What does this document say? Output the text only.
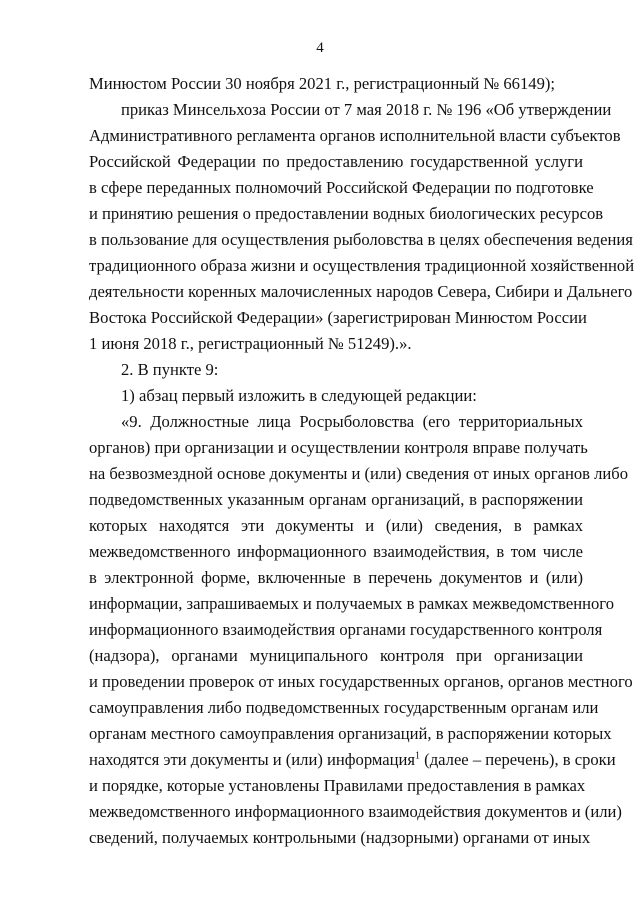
4
Минюстом России 30 ноября 2021 г., регистрационный № 66149);
приказ Минсельхоза России от 7 мая 2018 г. № 196 «Об утверждении
Административного регламента органов исполнительной власти субъектов
Российской Федерации по предоставлению государственной услуги
в сфере переданных полномочий Российской Федерации по подготовке
и принятию решения о предоставлении водных биологических ресурсов
в пользование для осуществления рыболовства в целях обеспечения ведения
традиционного образа жизни и осуществления традиционной хозяйственной
деятельности коренных малочисленных народов Севера, Сибири и Дальнего
Востока Российской Федерации» (зарегистрирован Минюстом России
1 июня 2018 г., регистрационный № 51249).».
2. В пункте 9:
1) абзац первый изложить в следующей редакции:
«9. Должностные лица Росрыболовства (его территориальных
органов) при организации и осуществлении контроля вправе получать
на безвозмездной основе документы и (или) сведения от иных органов либо
подведомственных указанным органам организаций, в распоряжении
которых находятся эти документы и (или) сведения, в рамках
межведомственного информационного взаимодействия, в том числе
в электронной форме, включенные в перечень документов и (или)
информации, запрашиваемых и получаемых в рамках межведомственного
информационного взаимодействия органами государственного контроля
(надзора), органами муниципального контроля при организации
и проведении проверок от иных государственных органов, органов местного
самоуправления либо подведомственных государственным органам или
органам местного самоуправления организаций, в распоряжении которых
находятся эти документы и (или) информация$^1$ (далее – перечень), в сроки
и порядке, которые установлены Правилами предоставления в рамках
межведомственного информационного взаимодействия документов и (или)
сведений, получаемых контрольными (надзорными) органами от иных
